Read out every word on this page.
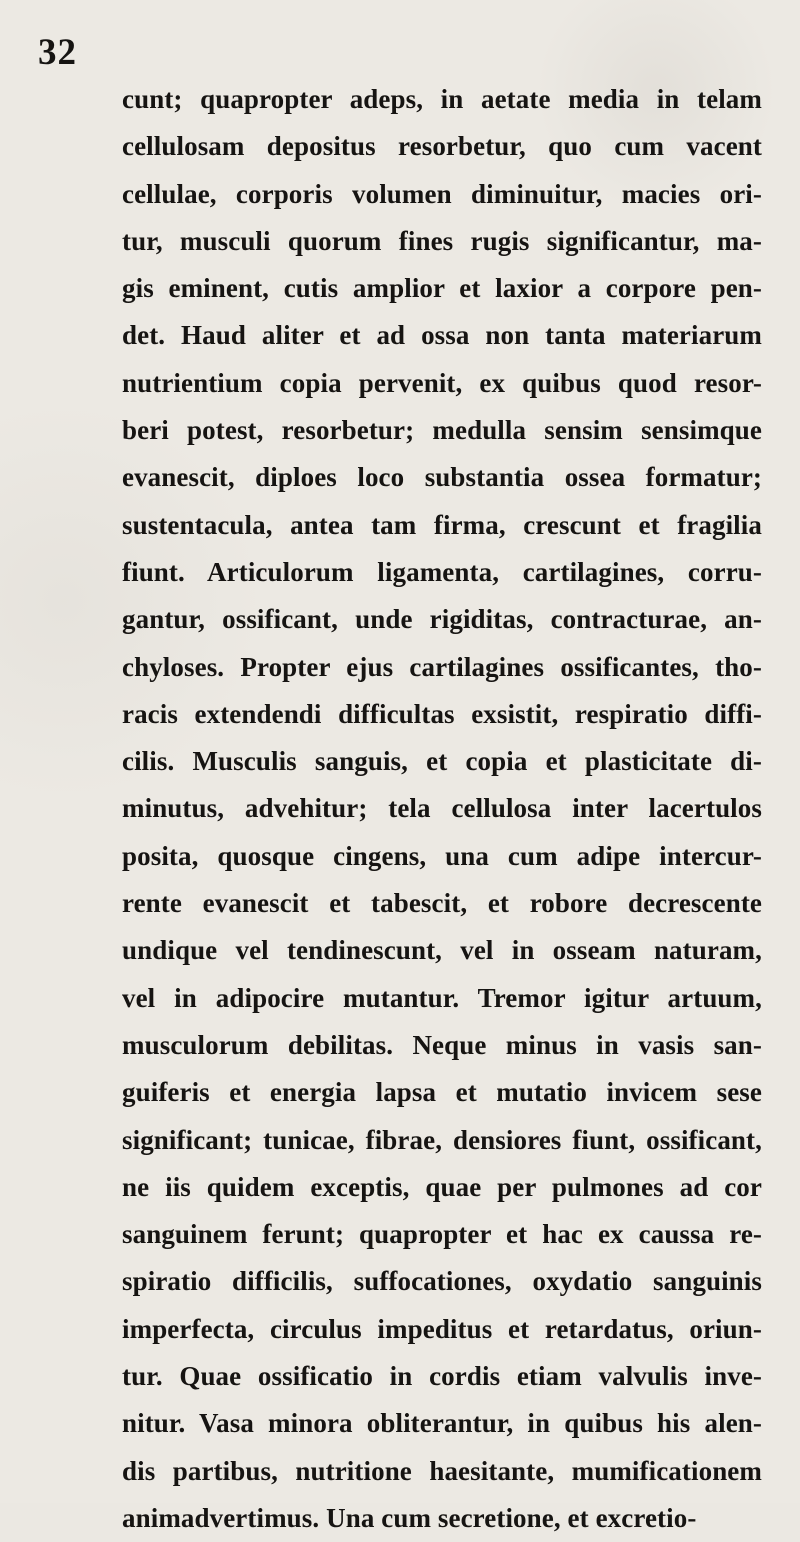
32
cunt; quapropter adeps, in aetate media in telam
cellulosam depositus resorbetur, quo cum vacent
cellulae, corporis volumen diminuitur, macies ori-
tur, musculi quorum fines rugis significantur, ma-
gis eminent, cutis amplior et laxior a corpore pen-
det. Haud aliter et ad ossa non tanta materiarum
nutrientium copia pervenit, ex quibus quod resor-
beri potest, resorbetur; medulla sensim sensimque
evanescit, diploes loco substantia ossea formatur;
sustentacula, antea tam firma, crescunt et fragilia
fiunt. Articulorum ligamenta, cartilagines, corru-
gantur, ossificant, unde rigiditas, contracturae, an-
chyloses. Propter ejus cartilagines ossificantes, tho-
racis extendendi difficultas exsistit, respiratio diffi-
cilis. Musculis sanguis, et copia et plasticitate di-
minutus, advehitur; tela cellulosa inter lacertulos
posita, quosque cingens, una cum adipe intercur-
rente evanescit et tabescit, et robore decrescente
undique vel tendinescunt, vel in osseam naturam,
vel in adipocire mutantur. Tremor igitur artuum,
musculorum debilitas. Neque minus in vasis san-
guiferis et energia lapsa et mutatio invicem sese
significant; tunicae, fibrae, densiores fiunt, ossificant,
ne iis quidem exceptis, quae per pulmones ad cor
sanguinem ferunt; quapropter et hac ex caussa re-
spiratio difficilis, suffocationes, oxydatio sanguinis
imperfecta, circulus impeditus et retardatus, oriun-
tur. Quae ossificatio in cordis etiam valvulis inve-
nitur. Vasa minora obliterantur, in quibus his alen-
dis partibus, nutritione haesitante, mumificationem
animadvertimus. Una cum secretione, et excretio-
